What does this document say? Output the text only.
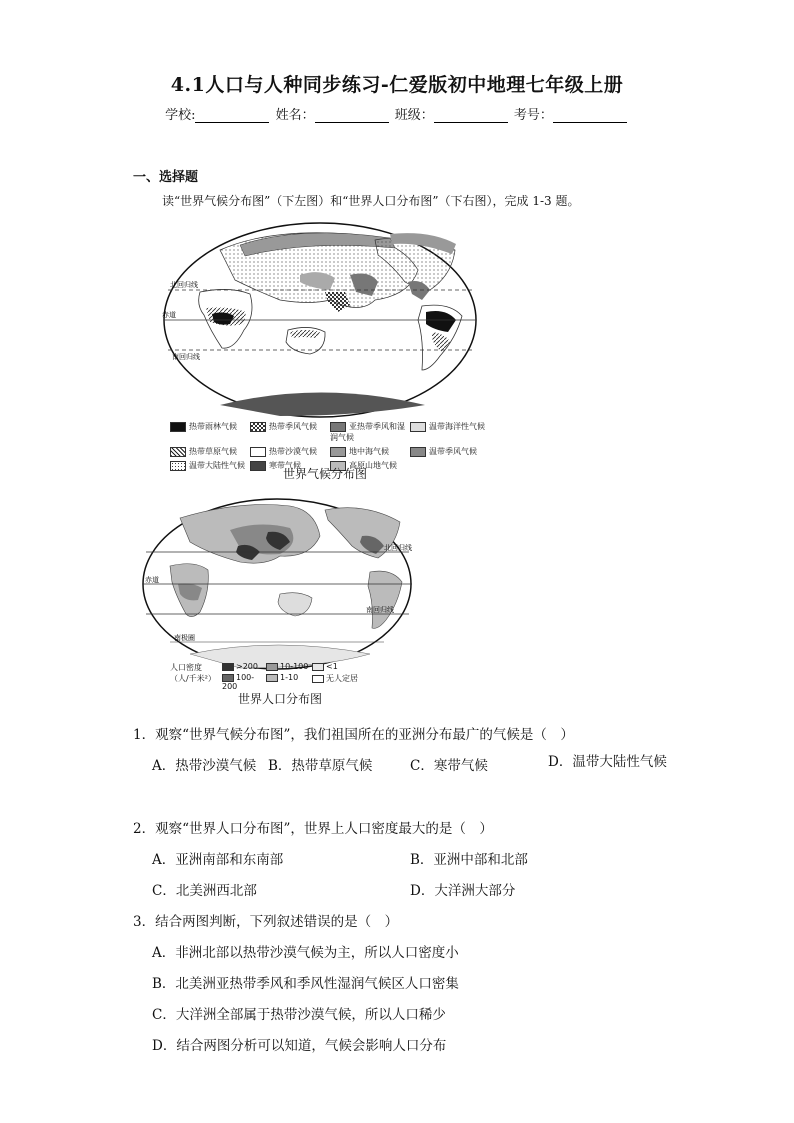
4.1人口与人种同步练习-仁爱版初中地理七年级上册
学校:	姓名：	班级：	考号：
一、选择题
读“世界气候分布图”（下左图）和“世界人口分布图”（下右图），完成 1-3 题。
北回归线
赤道
南回归线
热带雨林气候	热带季风气候	亚热带季风和湿润气候
温带海洋性气候
热带草原气候	热带沙漠气候	地中海气候	温带季风气候
温带大陆性气候	寒带气候	高原山地气候
世界气候分布图
北回归线
赤道
南回归线
南极圈
人口密度
（人/千米²）
>200	10-100	<1
100-200
1-10	无人定居
世界人口分布图
1．观察“世界气候分布图”，我们祖国所在的亚洲分布最广的气候是（　）
A．热带沙漠气候 B．热带草原气候	C．寒带气候	D．温带大陆性气候
2．观察“世界人口分布图”，世界上人口密度最大的是（　）
A．亚洲南部和东南部	B．亚洲中部和北部
C．北美洲西北部	D．大洋洲大部分
3．结合两图判断，下列叙述错误的是（　）
A．非洲北部以热带沙漠气候为主，所以人口密度小
B．北美洲亚热带季风和季风性湿润气候区人口密集
C．大洋洲全部属于热带沙漠气候，所以人口稀少
D．结合两图分析可以知道，气候会影响人口分布
